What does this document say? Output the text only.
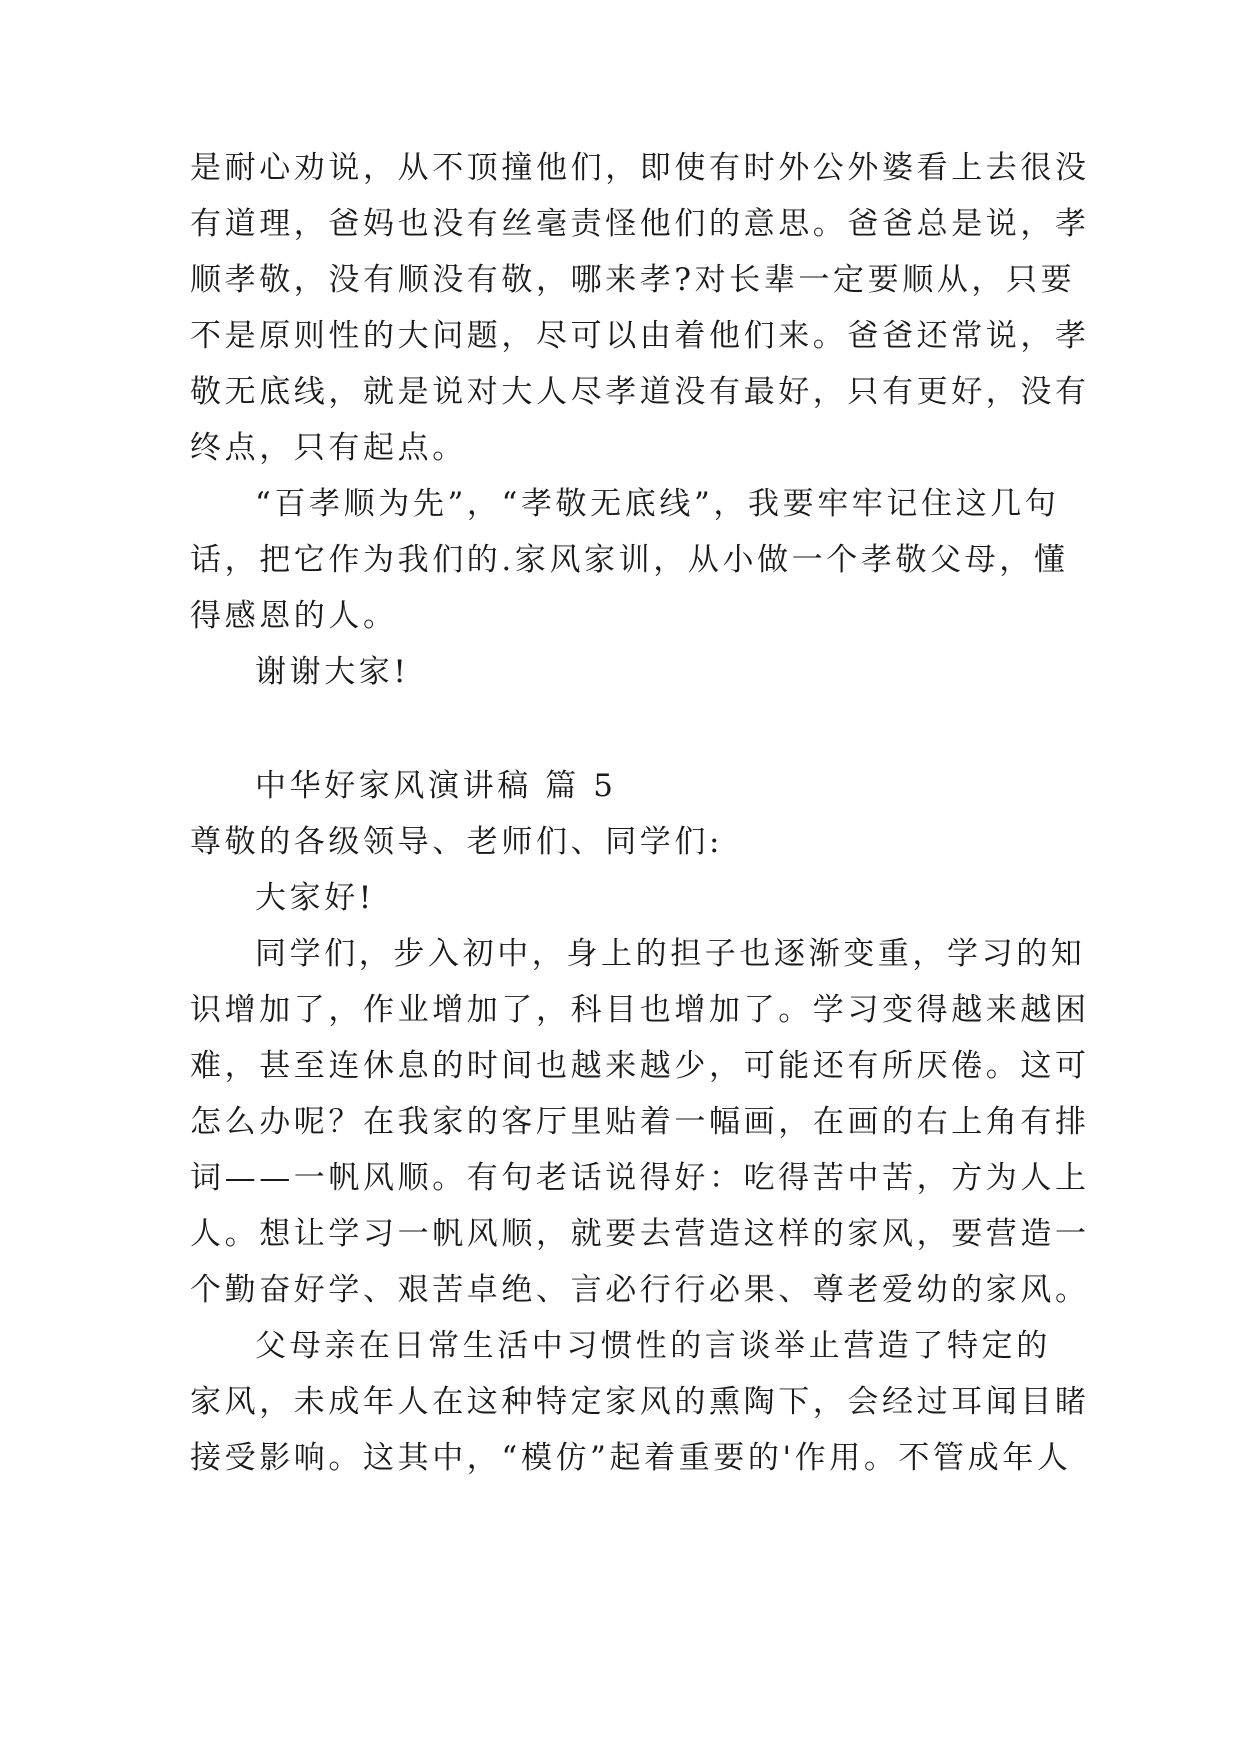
是耐心劝说，从不顶撞他们，即使有时外公外婆看上去很没
有道理，爸妈也没有丝毫责怪他们的意思。爸爸总是说，孝
顺孝敬，没有顺没有敬，哪来孝?对长辈一定要顺从，只要
不是原则性的大问题，尽可以由着他们来。爸爸还常说，孝
敬无底线，就是说对大人尽孝道没有最好，只有更好，没有
终点，只有起点。
“百孝顺为先”，“孝敬无底线”，我要牢牢记住这几句
话，把它作为我们的.家风家训，从小做一个孝敬父母，懂
得感恩的人。
谢谢大家!
中华好家风演讲稿 篇 5
尊敬的各级领导、老师们、同学们:
大家好!
同学们，步入初中，身上的担子也逐渐变重，学习的知
识增加了，作业增加了，科目也增加了。学习变得越来越困
难，甚至连休息的时间也越来越少，可能还有所厌倦。这可
怎么办呢？在我家的客厅里贴着一幅画，在画的右上角有排
词——一帆风顺。有句老话说得好：吃得苦中苦，方为人上
人。想让学习一帆风顺，就要去营造这样的家风，要营造一
个勤奋好学、艰苦卓绝、言必行行必果、尊老爱幼的家风。
父母亲在日常生活中习惯性的言谈举止营造了特定的
家风，未成年人在这种特定家风的熏陶下，会经过耳闻目睹
接受影响。这其中，“模仿”起着重要的'作用。不管成年人
